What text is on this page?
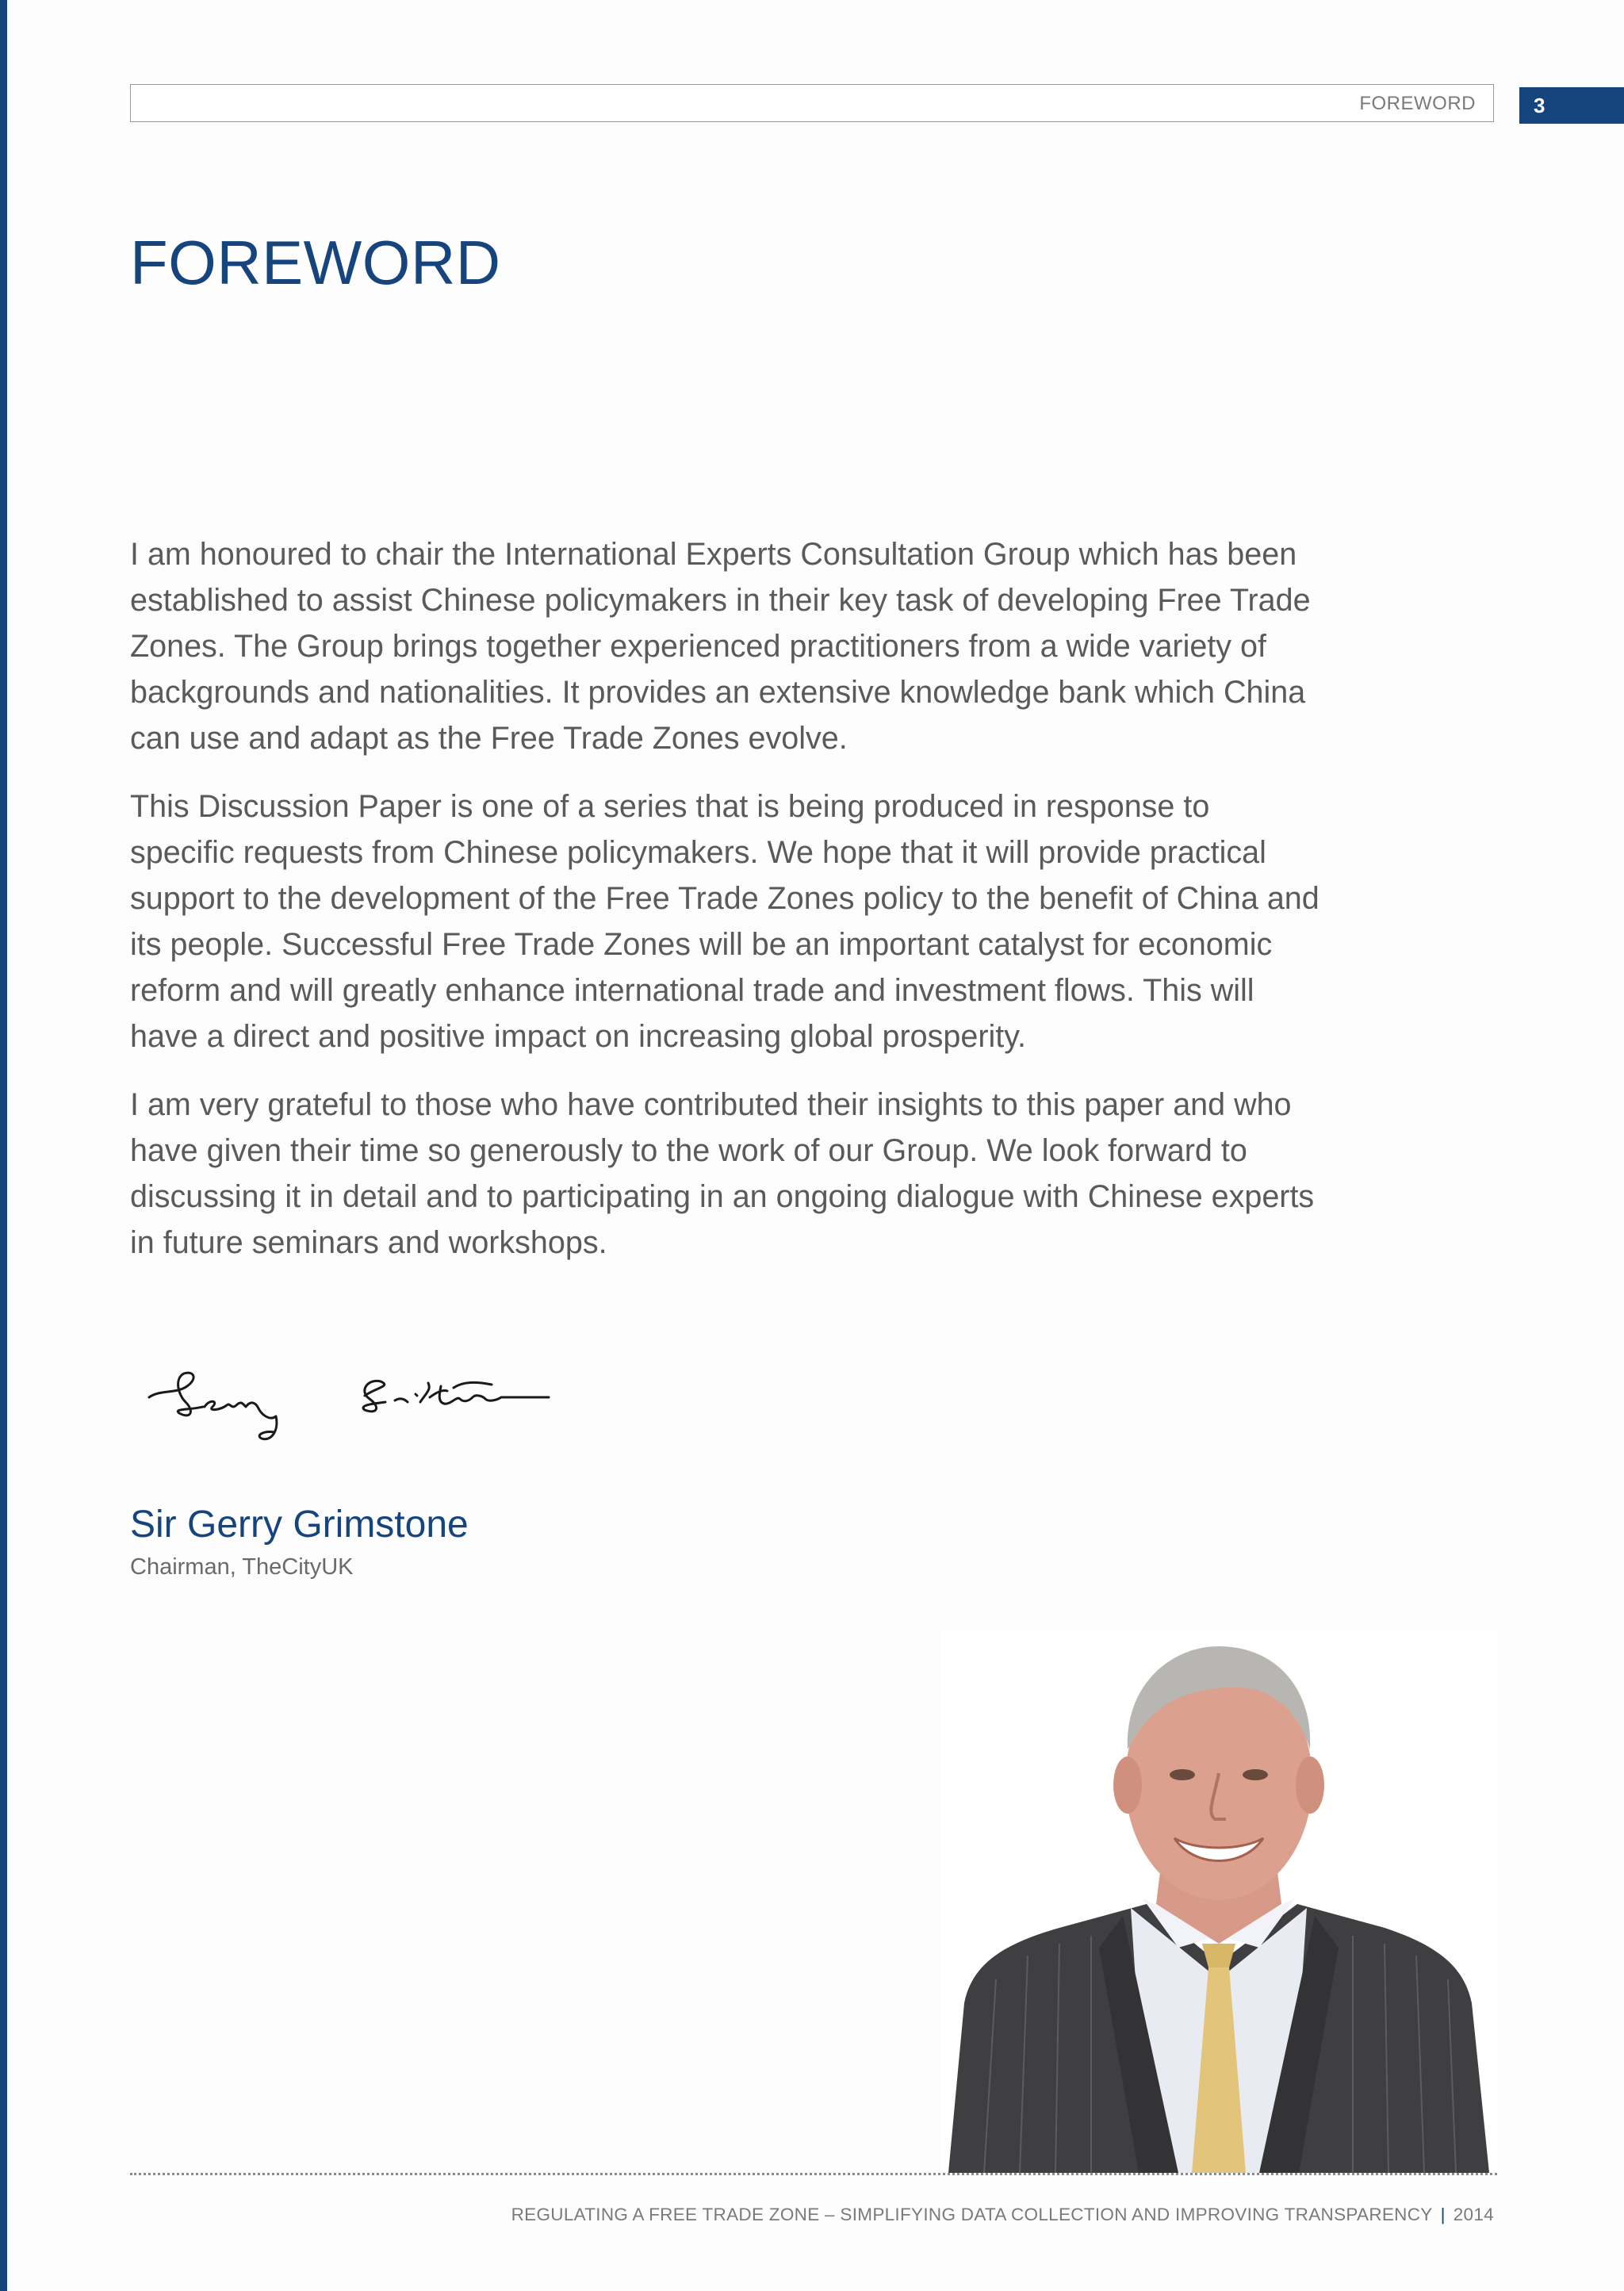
FOREWORD	3
FOREWORD

I am honoured to chair the International Experts Consultation Group which has been established to assist Chinese policymakers in their key task of developing Free Trade Zones. The Group brings together experienced practitioners from a wide variety of backgrounds and nationalities. It provides an extensive knowledge bank which China can use and adapt as the Free Trade Zones evolve.

This Discussion Paper is one of a series that is being produced in response to specific requests from Chinese policymakers. We hope that it will provide practical support to the development of the Free Trade Zones policy to the benefit of China and its people. Successful Free Trade Zones will be an important catalyst for economic reform and will greatly enhance international trade and investment flows. This will have a direct and positive impact on increasing global prosperity.

I am very grateful to those who have contributed their insights to this paper and who have given their time so generously to the work of our Group. We look forward to discussing it in detail and to participating in an ongoing dialogue with Chinese experts in future seminars and workshops.

Sir Gerry Grimstone
Chairman, TheCityUK
REGULATING A FREE TRADE ZONE – SIMPLIFYING DATA COLLECTION AND IMPROVING TRANSPARENCY | 2014
